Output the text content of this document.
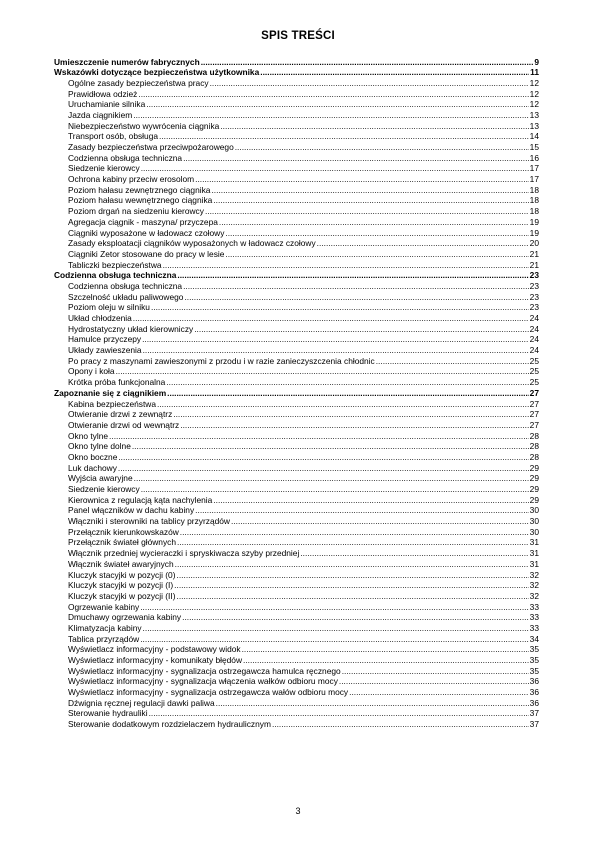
SPIS TREŚCI
Umieszczenie numerów fabrycznych .....	9
Wskazówki dotyczące bezpieczeństwa użytkownika .....	11
Ogólne zasady bezpieczeństwa pracy .....	12
Prawidłowa odzież .....	12
Uruchamianie silnika .....	12
Jazda ciągnikiem .....	13
Niebezpieczeństwo wywrócenia ciągnika .....	13
Transport osób, obsługa .....	14
Zasady bezpieczeństwa przeciwpożarowego .....	15
Codzienna obsługa techniczna .....	16
Siedzenie kierowcy .....	17
Ochrona kabiny przeciw erosolom .....	17
Poziom hałasu zewnętrznego ciągnika .....	18
Poziom hałasu wewnętrznego ciągnika .....	18
Poziom drgań na siedzeniu kierowcy .....	18
Agregacja ciągnik - maszyna/ przyczepa .....	19
Ciągniki wyposażone w ładowacz czołowy .....	19
Zasady eksploatacji ciągników wyposażonych w ładowacz czołowy .....	20
Ciągniki Zetor stosowane do pracy w lesie .....	21
Tabliczki bezpieczeństwa .....	21
Codzienna obsługa techniczna .....	23
Codzienna obsługa techniczna .....	23
Szczelność układu paliwowego .....	23
Poziom oleju w silniku .....	23
Układ chłodzenia .....	24
Hydrostatyczny układ kierowniczy .....	24
Hamulce przyczepy .....	24
Układy zawieszenia .....	24
Po pracy z maszynami zawieszonymi z przodu i w razie zanieczyszczenia chłodnic .....	25
Opony i koła .....	25
Krótka próba funkcjonalna .....	25
Zapoznanie się z ciągnikiem .....	27
Kabina bezpieczeństwa .....	27
Otwieranie drzwi z zewnątrz .....	27
Otwieranie drzwi od wewnątrz .....	27
Okno tylne .....	28
Okno tylne dolne .....	28
Okno boczne .....	28
Luk dachowy .....	29
Wyjścia awaryjne .....	29
Siedzenie kierowcy .....	29
Kierownica z regulacją kąta nachylenia .....	29
Panel włączników w dachu kabiny .....	30
Włączniki i sterowniki na tablicy przyrządów .....	30
Przełącznik kierunkowskazów .....	30
Przełącznik świateł głównych .....	31
Włącznik przedniej wycieraczki i spryskiwacza szyby przedniej .....	31
Włącznik świateł awaryjnych .....	31
Kluczyk stacyjki w pozycji (0) .....	32
Kluczyk stacyjki w pozycji (I) .....	32
Kluczyk stacyjki w pozycji (II) .....	32
Ogrzewanie kabiny .....	33
Dmuchawy ogrzewania kabiny .....	33
Klimatyzacja kabiny .....	33
Tablica przyrządów .....	34
Wyświetlacz informacyjny - podstawowy widok .....	35
Wyświetlacz informacyjny - komunikaty błędów .....	35
Wyświetlacz informacyjny - sygnalizacja ostrzegawcza hamulca ręcznego .....	35
Wyświetlacz informacyjny - sygnalizacja włączenia wałków odbioru mocy .....	36
Wyświetlacz informacyjny - sygnalizacja ostrzegawcza wałów odbioru mocy .....	36
Dźwignia ręcznej regulacji dawki paliwa .....	36
Sterowanie hydrauliki .....	37
Sterowanie dodatkowym rozdzielaczem hydraulicznym .....	37
3
